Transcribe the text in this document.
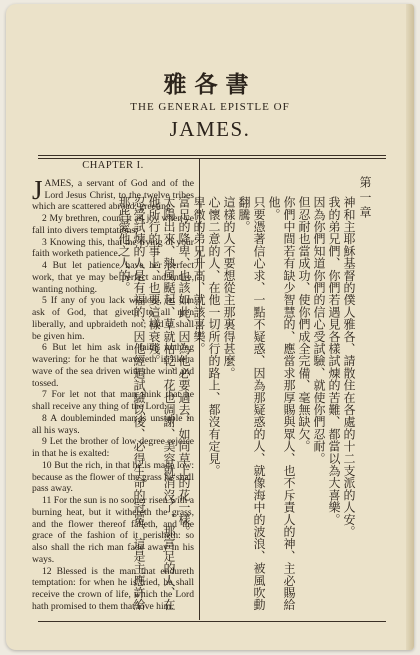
雅各書
THE GENERAL EPISTLE OF
JAMES.
CHAPTER I.

JAMES, a servant of God and of the Lord Jesus Christ, to the twelve tribes which are scattered abroad, greeting.

2 My brethren, count it all joy when ye fall into divers temptations;

3 Knowing this, that the trying of your faith worketh patience.

4 But let patience have her perfect work, that ye may be perfect and entire, wanting nothing.

5 If any of you lack wisdom, let him ask of God, that giveth to all men liberally, and upbraideth not; and it shall be given him.

6 But let him ask in faith, nothing wavering: for he that wavereth is like a wave of the sea driven with the wind and tossed.

7 For let not that man think that he shall receive any thing of the Lord.

8 A doubleminded man is unstable in all his ways.

9 Let the brother of low degree rejoice in that he is exalted:

10 But the rich, in that he is made low: because as the flower of the grass he shall pass away.

11 For the sun is no sooner risen with a burning heat, but it withereth the grass, and the flower thereof falleth, and the grace of the fashion of it perisheth: so also shall the rich man fade away in his ways.

12 Blessed is the man that endureth temptation: for when he is tried, he shall receive the crown of life, which the Lord hath promised to them that love him.

第一章

神和主耶穌基督的僕人雅各、請散住在各處的十二支派的人安。

我的弟兄們、你們若遇見各樣試煉的苦難、都當以為大喜樂。

因為你們知道你們的信心受試驗、就使你們忍耐。

但忍耐也當成功、使你們成全完備、毫無缺欠。

你們中間若有缺少智慧的、應當求那厚賜與眾人、也不斥責人的神、主必賜給他。

只要憑著信心求、一點不疑惑、因為那疑惑的人、就像海中的波浪、被風吹動翻騰。

這樣的人不要想從主那裏得甚麼。

心懷二意的人、在他一切所行的路上、都沒有定見。

卑微的弟兄升高、就該喜樂。

富足的降卑、也該如此、因為他必要過去、如同草上的花一樣。

太陽出來、熱風颳起、草就枯乾、花也凋謝、美容就消沒了、那富足的人、在他所行的事上、也要這樣衰殘。

忍受試煉的人是有福的、因他經過試驗以後、必得生命的冠冕、這是主應許給那些愛他之人的。
